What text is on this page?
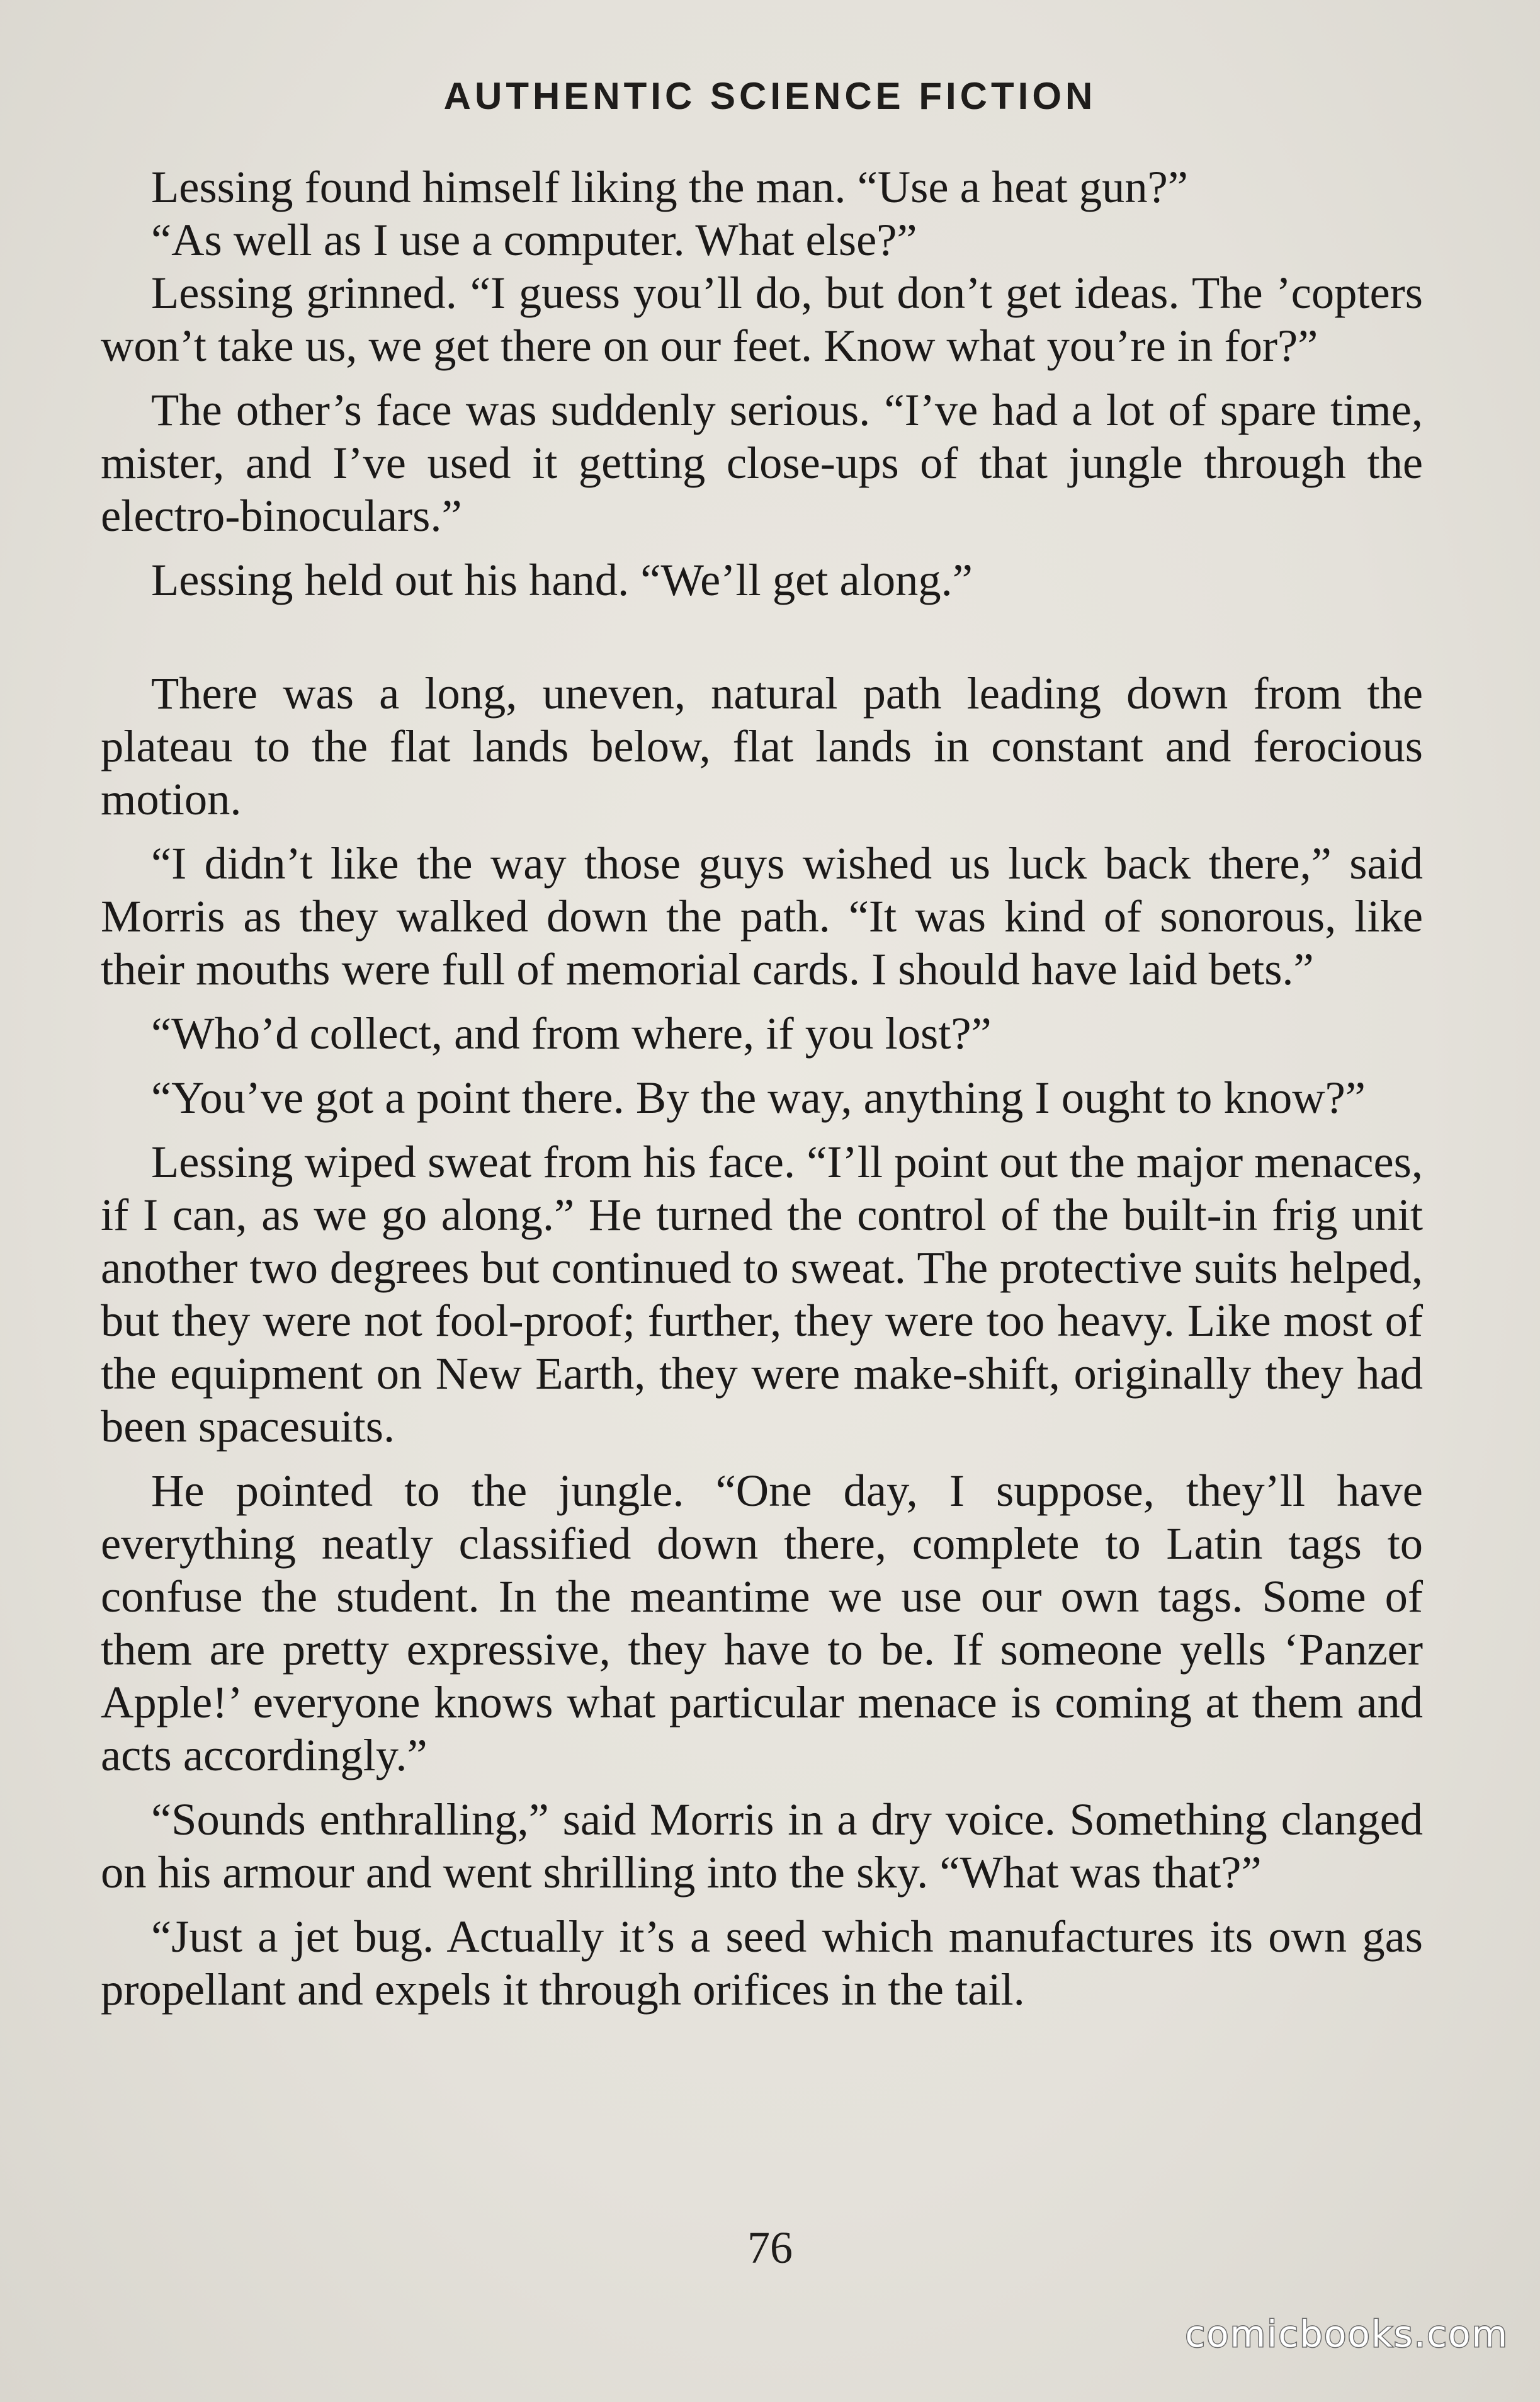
AUTHENTIC SCIENCE FICTION

Lessing found himself liking the man. “Use a heat gun?”

“As well as I use a computer. What else?”

Lessing grinned. “I guess you’ll do, but don’t get ideas. The ’copters won’t take us, we get there on our feet. Know what you’re in for?”

The other’s face was suddenly serious. “I’ve had a lot of spare time, mister, and I’ve used it getting close-ups of that jungle through the electro-binoculars.”

Lessing held out his hand. “We’ll get along.”

There was a long, uneven, natural path leading down from the plateau to the flat lands below, flat lands in constant and ferocious motion.

“I didn’t like the way those guys wished us luck back there,” said Morris as they walked down the path. “It was kind of sonorous, like their mouths were full of memorial cards. I should have laid bets.”

“Who’d collect, and from where, if you lost?”

“You’ve got a point there. By the way, anything I ought to know?”

Lessing wiped sweat from his face. “I’ll point out the major menaces, if I can, as we go along.” He turned the control of the built-in frig unit another two degrees but continued to sweat. The protective suits helped, but they were not fool-proof; further, they were too heavy. Like most of the equipment on New Earth, they were make-shift, originally they had been spacesuits.

He pointed to the jungle. “One day, I suppose, they’ll have everything neatly classified down there, complete to Latin tags to confuse the student. In the meantime we use our own tags. Some of them are pretty expressive, they have to be. If someone yells ‘Panzer Apple!’ everyone knows what particular menace is coming at them and acts accordingly.”

“Sounds enthralling,” said Morris in a dry voice. Something clanged on his armour and went shrilling into the sky. “What was that?”

“Just a jet bug. Actually it’s a seed which manufactures its own gas propellant and expels it through orifices in the tail.

76
comicbooks.com
